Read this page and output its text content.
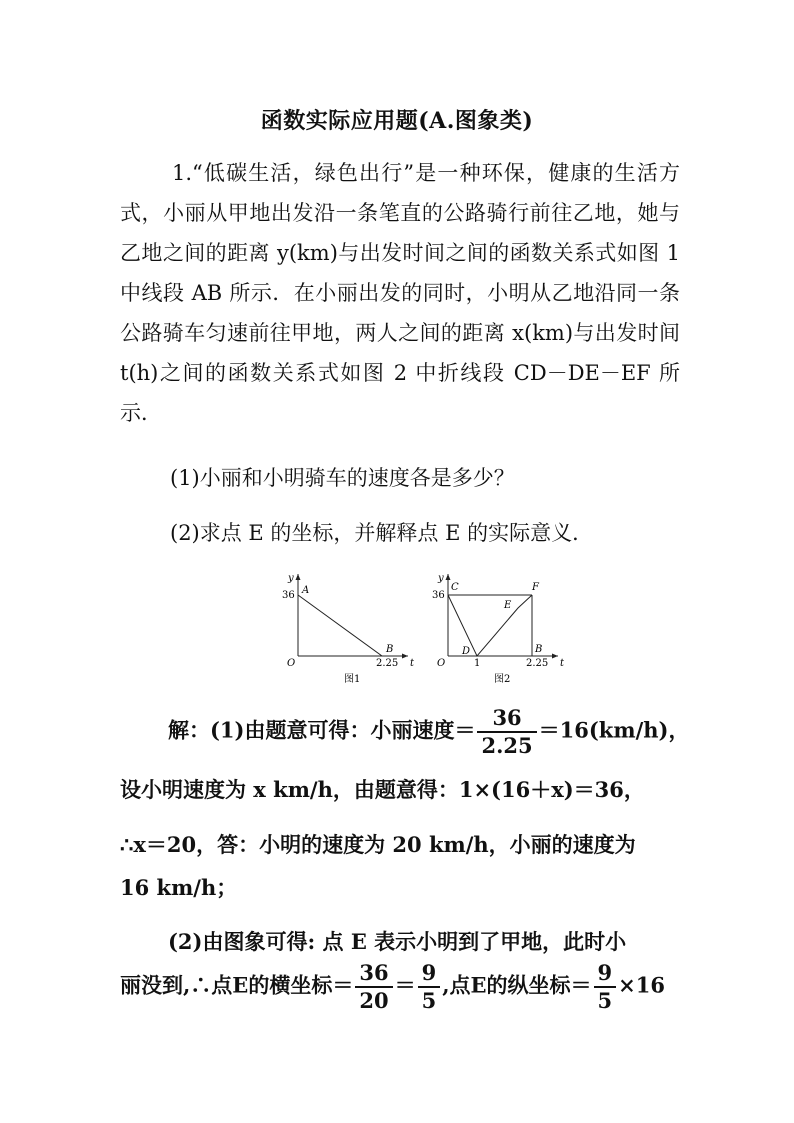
函数实际应用题(A.图象类)

1.“低碳生活，绿色出行”是一种环保，健康的生活方式，小丽从甲地出发沿一条笔直的公路骑行前往乙地，她与乙地之间的距离 y(km)与出发时间之间的函数关系式如图 1 中线段 AB 所示．在小丽出发的同时，小明从乙地沿同一条公路骑车匀速前往甲地，两人之间的距离 x(km)与出发时间 t(h)之间的函数关系式如图 2 中折线段 CD－DE－EF 所示．

(1)小丽和小明骑车的速度各是多少？

(2)求点 E 的坐标，并解释点 E 的实际意义．

y
t
O
36
2.25
A
B
图1
y
t
O
36
1	2.25
C
D
E
F
B
图2
解：(1)由题意可得：小丽速度＝ $\frac{36}{2.25} =16(km/h)$，
设小明速度为 x km/h，由题意得：1×(16＋x)＝36，
∴x＝20，答：小明的速度为 20 km/h，小丽的速度为
16 km/h；
(2)由图象可得: 点 E 表示小明到了甲地，此时小
丽没到,∴点E的横坐标＝ $\frac{36}{20} = \frac{9}{5}$ ,点E的纵坐标＝ $\frac{9}{5} \times 16$
